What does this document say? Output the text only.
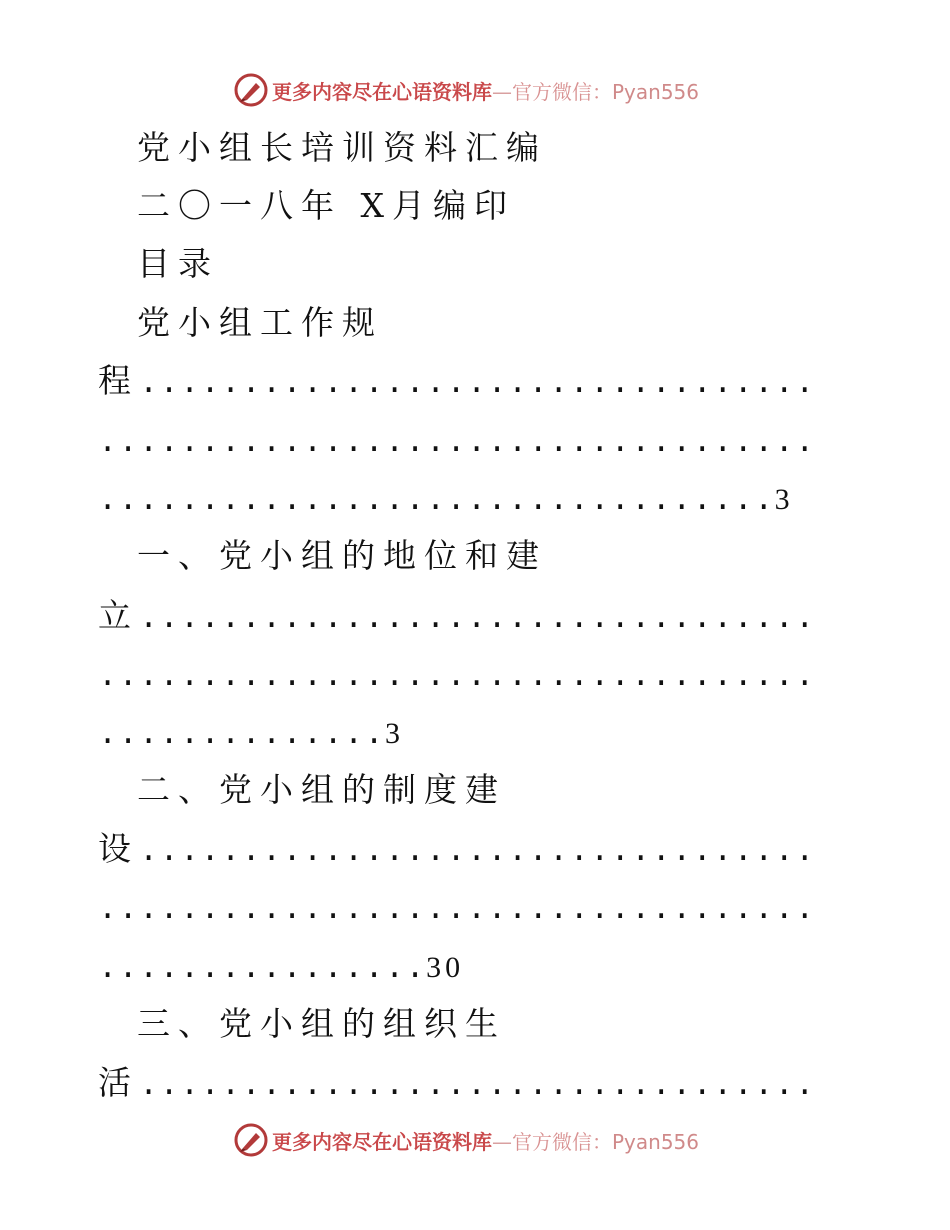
更多内容尽在心语资料库—官方微信：Pyan556
党小组长培训资料汇编
二〇一八年 X月编印
目录
党小组工作规
程.................................
...................................
.................................3
一、党小组的地位和建
立.................................
...................................
..............3
二、党小组的制度建
设.................................
...................................
................30
三、党小组的组织生
活.................................
更多内容尽在心语资料库—官方微信：Pyan556
